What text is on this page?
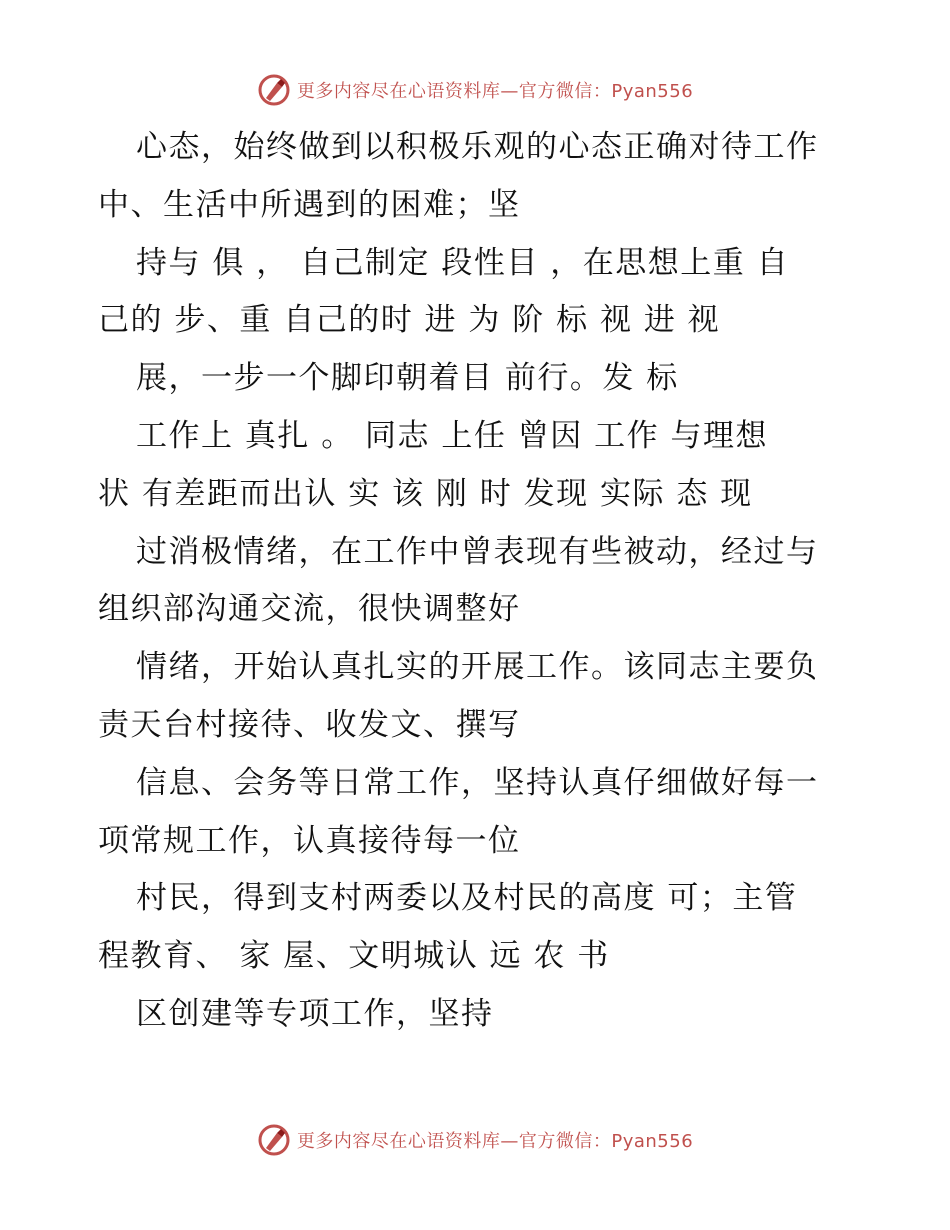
更多内容尽在心语资料库—官方微信：Pyan556
心态，始终做到以积极乐观的心态正确对待工作
中、生活中所遇到的困难；坚
持与 俱 ， 自己制定 段性目 ，在思想上重 自
己的 步、重 自己的时 进 为 阶 标 视 进 视
展，一步一个脚印朝着目 前行。发 标
工作上 真扎 。 同志 上任 曾因 工作 与理想
状 有差距而出认 实 该 刚 时 发现 实际 态 现
过消极情绪，在工作中曾表现有些被动，经过与
组织部沟通交流，很快调整好
情绪，开始认真扎实的开展工作。该同志主要负
责天台村接待、收发文、撰写
信息、会务等日常工作，坚持认真仔细做好每一
项常规工作，认真接待每一位
村民，得到支村两委以及村民的高度 可；主管
程教育、 家 屋、文明城认 远 农 书
区创建等专项工作，坚持
更多内容尽在心语资料库—官方微信：Pyan556
